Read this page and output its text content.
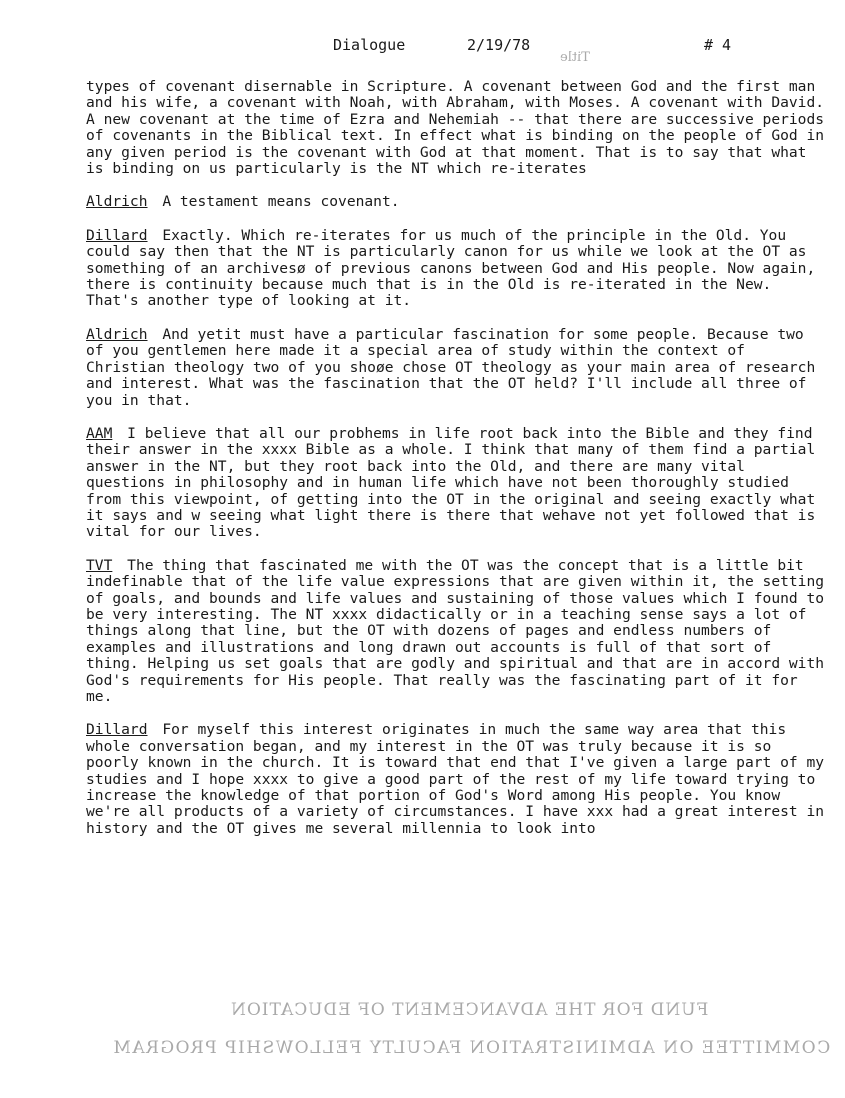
Title
Dialogue	2/19/78	# 4

types of covenant disernable in Scripture. A covenant between God and the first man and his wife, a covenant with Noah, with Abraham, with Moses. A covenant with David. A new covenant at the time of Ezra and Nehemiah -- that there are successive periods of covenants in the Biblical text. In effect what is binding on the people of God in any given period is the covenant with God at that moment. That is to say that what is binding on us particularly is the NT which re-iterates

Aldrich A testament means covenant.

Dillard Exactly. Which re-iterates for us much of the principle in the Old. You could say then that the NT is particularly canon for us while we look at the OT as something of an archivesø of previous canons between God and His people. Now again, there is continuity because much that is in the Old is re-iterated in the New. That's another type of looking at it.

Aldrich And yetit must have a particular fascination for some people. Because two of you gentlemen here made it a special area of study within the context of Christian theology two of you shoøe chose OT theology as your main area of research and interest. What was the fascination that the OT held? I'll include all three of you in that.

AAM I believe that all our probhems in life root back into the Bible and they find their answer in the xxxx Bible as a whole. I think that many of them find a partial answer in the NT, but they root back into the Old, and there are many vital questions in philosophy and in human life which have not been thoroughly studied from this viewpoint, of getting into the OT in the original and seeing exactly what it says and w seeing what light there is there that wehave not yet followed that is vital for our lives.

TVT The thing that fascinated me with the OT was the concept that is a little bit indefinable that of the life value expressions that are given within it, the setting of goals, and bounds and life values and sustaining of those values which I found to be very interesting. The NT xxxx didactically or in a teaching sense says a lot of things along that line, but the OT with dozens of pages and endless numbers of examples and illustrations and long drawn out accounts is full of that sort of thing. Helping us set goals that are godly and spiritual and that are in accord with God's requirements for His people. That really was the fascinating part of it for me.

Dillard For myself this interest originates in much the same way area that this whole conversation began, and my interest in the OT was truly because it is so poorly known in the church. It is toward that end that I've given a large part of my studies and I hope xxxx to give a good part of the rest of my life toward trying to increase the knowledge of that portion of God's Word among His people. You know we're all products of a variety of circumstances. I have xxx had a great interest in history and the OT gives me several millennia to look into

FUND FOR THE ADVANCEMENT OF EDUCATION
COMMITTEE ON ADMINISTRATION FACULTY FELLOWSHIP PROGRAM
